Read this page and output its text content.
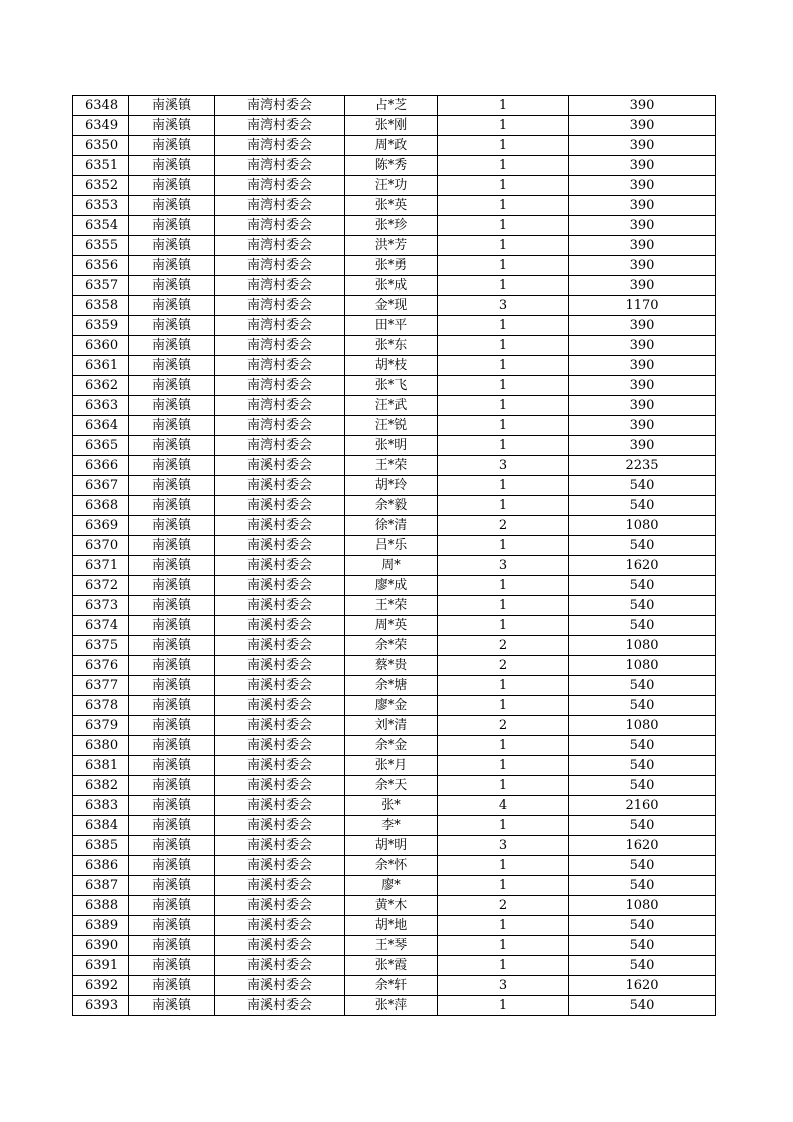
6348	南溪镇	南湾村委会	占*芝	1	390
6349	南溪镇	南湾村委会	张*刚	1	390
6350	南溪镇	南湾村委会	周*政	1	390
6351	南溪镇	南湾村委会	陈*秀	1	390
6352	南溪镇	南湾村委会	汪*功	1	390
6353	南溪镇	南湾村委会	张*英	1	390
6354	南溪镇	南湾村委会	张*珍	1	390
6355	南溪镇	南湾村委会	洪*芳	1	390
6356	南溪镇	南湾村委会	张*勇	1	390
6357	南溪镇	南湾村委会	张*成	1	390
6358	南溪镇	南湾村委会	金*现	3	1170
6359	南溪镇	南湾村委会	田*平	1	390
6360	南溪镇	南湾村委会	张*东	1	390
6361	南溪镇	南湾村委会	胡*枝	1	390
6362	南溪镇	南湾村委会	张*飞	1	390
6363	南溪镇	南湾村委会	汪*武	1	390
6364	南溪镇	南湾村委会	汪*锐	1	390
6365	南溪镇	南湾村委会	张*明	1	390
6366	南溪镇	南溪村委会	王*荣	3	2235
6367	南溪镇	南溪村委会	胡*玲	1	540
6368	南溪镇	南溪村委会	余*毅	1	540
6369	南溪镇	南溪村委会	徐*清	2	1080
6370	南溪镇	南溪村委会	吕*乐	1	540
6371	南溪镇	南溪村委会	周*	3	1620
6372	南溪镇	南溪村委会	廖*成	1	540
6373	南溪镇	南溪村委会	王*荣	1	540
6374	南溪镇	南溪村委会	周*英	1	540
6375	南溪镇	南溪村委会	余*荣	2	1080
6376	南溪镇	南溪村委会	蔡*贵	2	1080
6377	南溪镇	南溪村委会	余*塘	1	540
6378	南溪镇	南溪村委会	廖*金	1	540
6379	南溪镇	南溪村委会	刘*清	2	1080
6380	南溪镇	南溪村委会	余*金	1	540
6381	南溪镇	南溪村委会	张*月	1	540
6382	南溪镇	南溪村委会	余*天	1	540
6383	南溪镇	南溪村委会	张*	4	2160
6384	南溪镇	南溪村委会	李*	1	540
6385	南溪镇	南溪村委会	胡*明	3	1620
6386	南溪镇	南溪村委会	余*怀	1	540
6387	南溪镇	南溪村委会	廖*	1	540
6388	南溪镇	南溪村委会	黄*木	2	1080
6389	南溪镇	南溪村委会	胡*地	1	540
6390	南溪镇	南溪村委会	王*琴	1	540
6391	南溪镇	南溪村委会	张*霞	1	540
6392	南溪镇	南溪村委会	余*轩	3	1620
6393	南溪镇	南溪村委会	张*萍	1	540
